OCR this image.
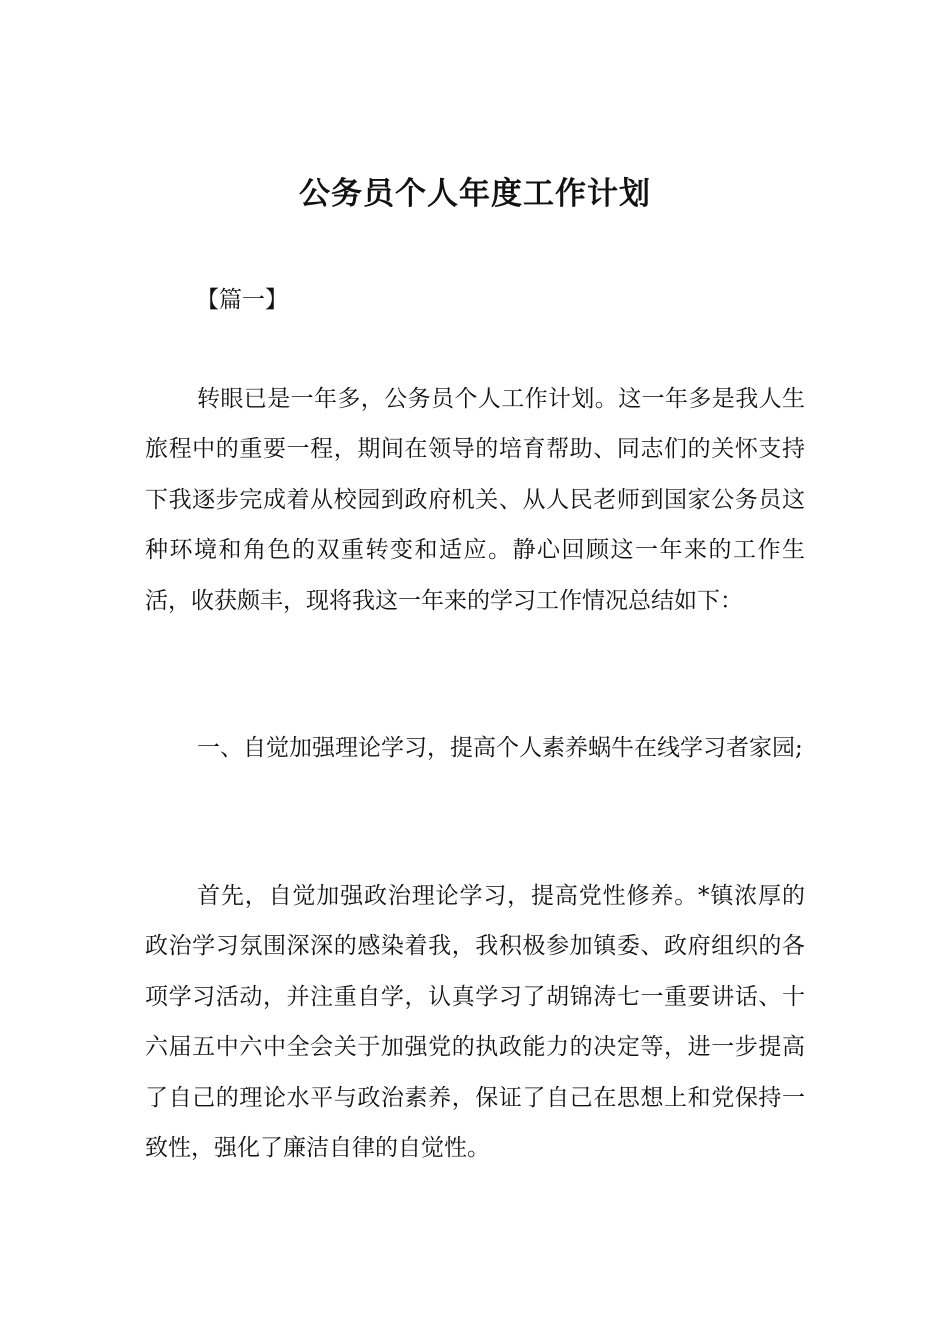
公务员个人年度工作计划
【篇一】

转眼已是一年多，公务员个人工作计划。这一年多是我人生旅程中的重要一程，期间在领导的培育帮助、同志们的关怀支持下我逐步完成着从校园到政府机关、从人民老师到国家公务员这种环境和角色的双重转变和适应。静心回顾这一年来的工作生活，收获颇丰，现将我这一年来的学习工作情况总结如下：

一、自觉加强理论学习，提高个人素养蜗牛在线学习者家园;

首先，自觉加强政治理论学习，提高党性修养。*镇浓厚的政治学习氛围深深的感染着我，我积极参加镇委、政府组织的各项学习活动，并注重自学，认真学习了胡锦涛七一重要讲话、十六届五中六中全会关于加强党的执政能力的决定等，进一步提高了自己的理论水平与政治素养，保证了自己在思想上和党保持一致性，强化了廉洁自律的自觉性。
